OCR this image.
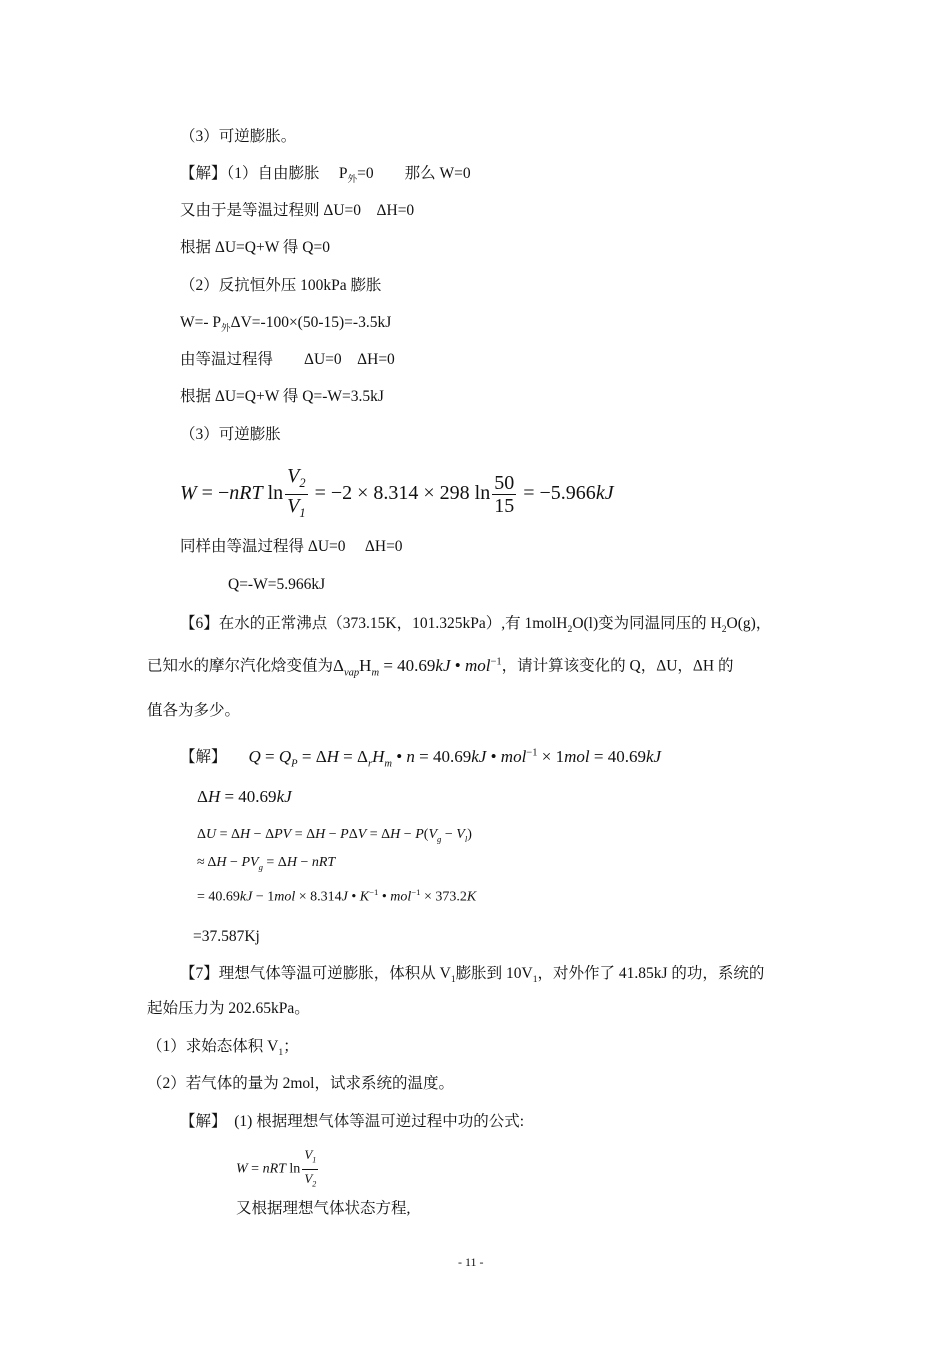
（3）可逆膨胀。
【解】（1）自由膨胀　 $P_外=0$　　那么 W=0
又由于是等温过程则 ΔU=0　ΔH=0
根据 ΔU=Q+W 得 Q=0
（2）反抗恒外压 100kPa 膨胀
W=- $P_外\Delta V=-100\times(50-15)=-3.5kJ$
由等温过程得　　ΔU=0　ΔH=0
根据 ΔU=Q+W 得 Q=-W=3.5kJ
（3）可逆膨胀
W = −nRT $\ln \frac{V_2}{V_1} = -2 \times 8.314 \times 298$ $\ln \frac{50}{15} = -5.966kJ$
同样由等温过程得 ΔU=0　 ΔH=0
Q=-W=5.966kJ
【6】在水的正常沸点（373.15K，101.325kPa）,有 1molH$_2$O(l)变为同温同压的 $H_2O(g)$，
已知水的摩尔汽化焓变值为$\Delta_{vap}H_m = 40.69kJ$ • mol$^{-1}$，请计算该变化的 Q，ΔU，ΔH 的
值各为多少。
【解】 $Q = Q_P = \Delta H = \Delta_rH_m$ • n = 40.69kJ • mol$^{-1}$ × 1mol = 40.69kJ
ΔH = 40.69kJ
$\Delta U = \Delta H - \Delta PV = \Delta H - P\Delta V = \Delta H - P(V_g - V_l)$
≈ $\Delta H - PV_g = \Delta H$ − nRT
= 40.69kJ − 1mol × 8.314J • $K^{-1}$ • mol$^{-1}$ × 373.2K
=37.587Kj
【7】理想气体等温可逆膨胀，体积从 $V_1$膨胀到 $10V_1$，对外作了 41.85kJ 的功，系统的
起始压力为 202.65kPa。
（1）求始态体积 $V_1$；
（2）若气体的量为 2mol，试求系统的温度。
【解】　(1) 根据理想气体等温可逆过程中功的公式:
W = nRT $\ln \frac{V_1}{V_2}$
又根据理想气体状态方程,
- 11 -
